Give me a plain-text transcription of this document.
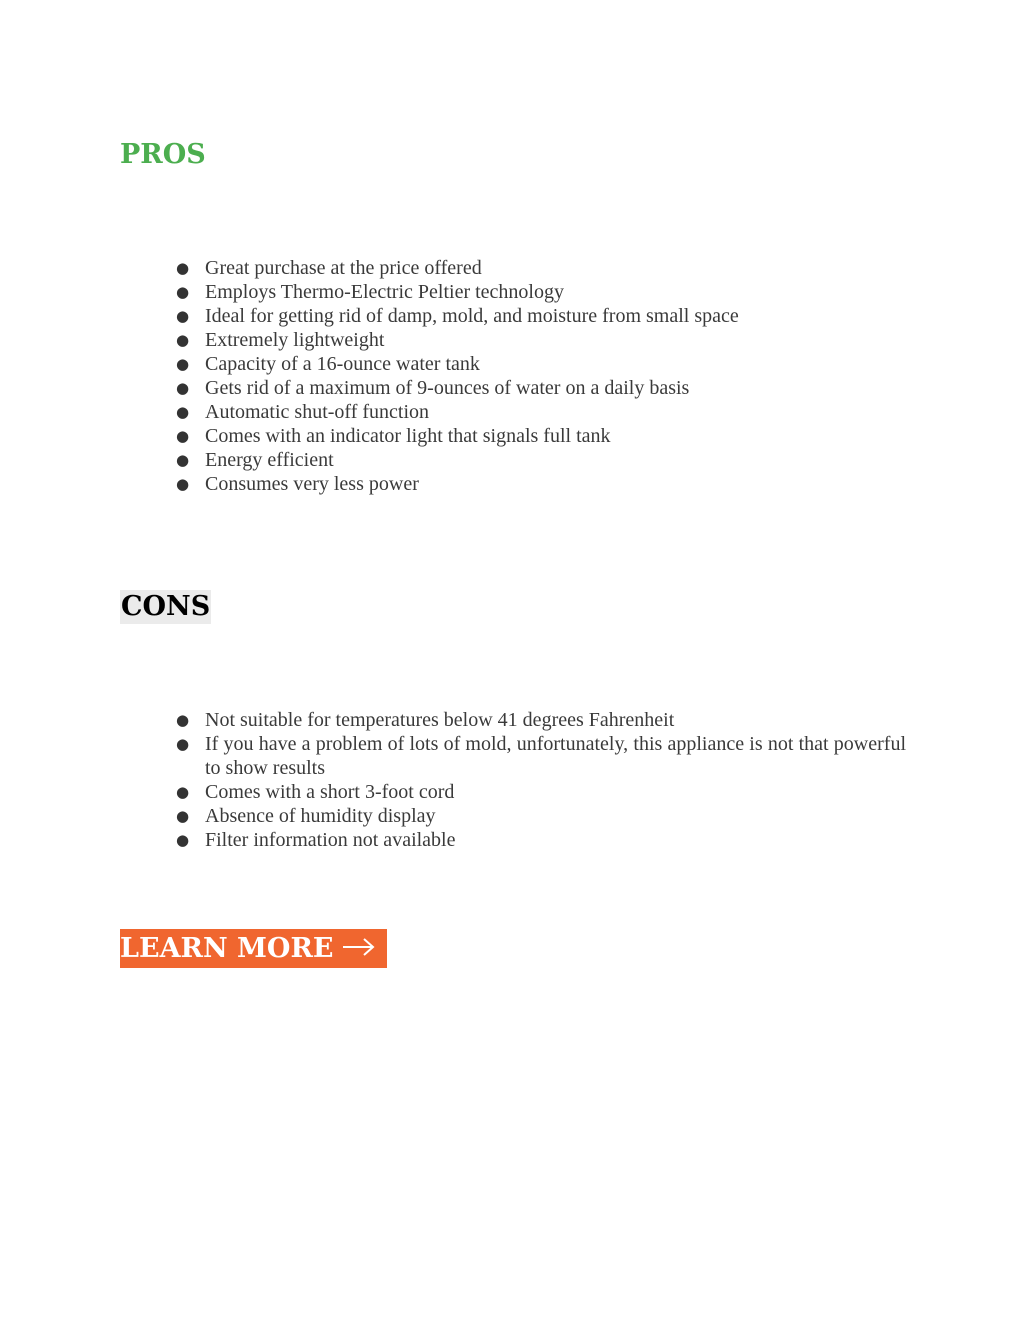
PROS
● Great purchase at the price offered
● Employs Thermo-Electric Peltier technology
● Ideal for getting rid of damp, mold, and moisture from small space
● Extremely lightweight
● Capacity of a 16-ounce water tank
● Gets rid of a maximum of 9-ounces of water on a daily basis
● Automatic shut-off function
● Comes with an indicator light that signals full tank
● Energy efficient
● Consumes very less power
CONS
● Not suitable for temperatures below 41 degrees Fahrenheit
● If you have a problem of lots of mold, unfortunately, this appliance is not that powerful to show results
● Comes with a short 3-foot cord
● Absence of humidity display
● Filter information not available
LEARN MORE
